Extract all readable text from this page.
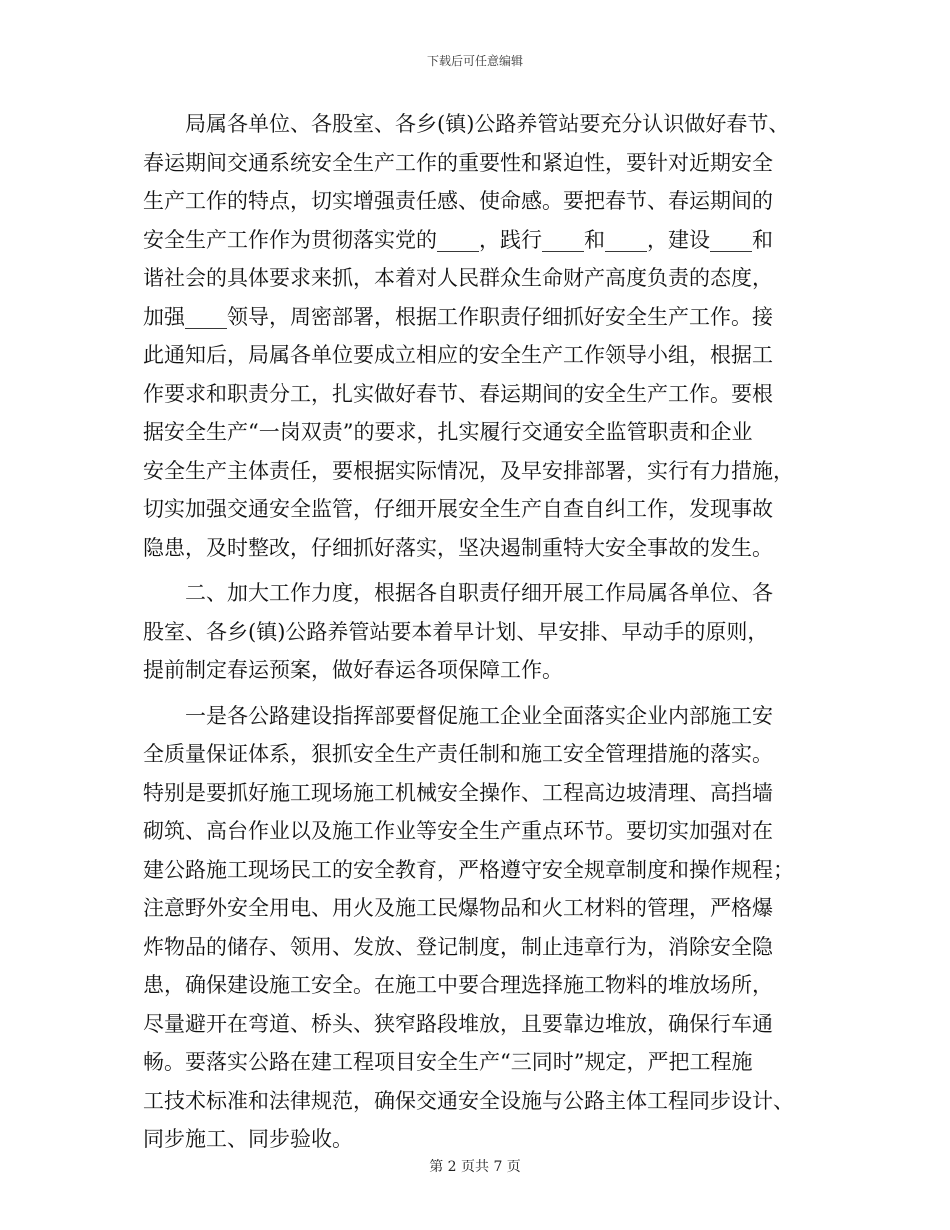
下载后可任意编辑
　　局属各单位、各股室、各乡(镇)公路养管站要充分认识做好春节、
春运期间交通系统安全生产工作的重要性和紧迫性，要针对近期安全
生产工作的特点，切实增强责任感、使命感。要把春节、春运期间的
安全生产工作作为贯彻落实党的____，践行____和____，建设____和
谐社会的具体要求来抓，本着对人民群众生命财产高度负责的态度，
加强____领导，周密部署，根据工作职责仔细抓好安全生产工作。接
此通知后，局属各单位要成立相应的安全生产工作领导小组，根据工
作要求和职责分工，扎实做好春节、春运期间的安全生产工作。要根
据安全生产“一岗双责”的要求，扎实履行交通安全监管职责和企业
安全生产主体责任，要根据实际情况，及早安排部署，实行有力措施，
切实加强交通安全监管，仔细开展安全生产自查自纠工作，发现事故
隐患，及时整改，仔细抓好落实，坚决遏制重特大安全事故的发生。
　　二、加大工作力度，根据各自职责仔细开展工作局属各单位、各
股室、各乡(镇)公路养管站要本着早计划、早安排、早动手的原则，
提前制定春运预案，做好春运各项保障工作。
　　一是各公路建设指挥部要督促施工企业全面落实企业内部施工安
全质量保证体系，狠抓安全生产责任制和施工安全管理措施的落实。
特别是要抓好施工现场施工机械安全操作、工程高边坡清理、高挡墙
砌筑、高台作业以及施工作业等安全生产重点环节。要切实加强对在
建公路施工现场民工的安全教育，严格遵守安全规章制度和操作规程；
注意野外安全用电、用火及施工民爆物品和火工材料的管理，严格爆
炸物品的储存、领用、发放、登记制度，制止违章行为，消除安全隐
患，确保建设施工安全。在施工中要合理选择施工物料的堆放场所，
尽量避开在弯道、桥头、狭窄路段堆放，且要靠边堆放，确保行车通
畅。要落实公路在建工程项目安全生产“三同时”规定，严把工程施
工技术标准和法律规范，确保交通安全设施与公路主体工程同步设计、
同步施工、同步验收。
第 2 页共 7 页
